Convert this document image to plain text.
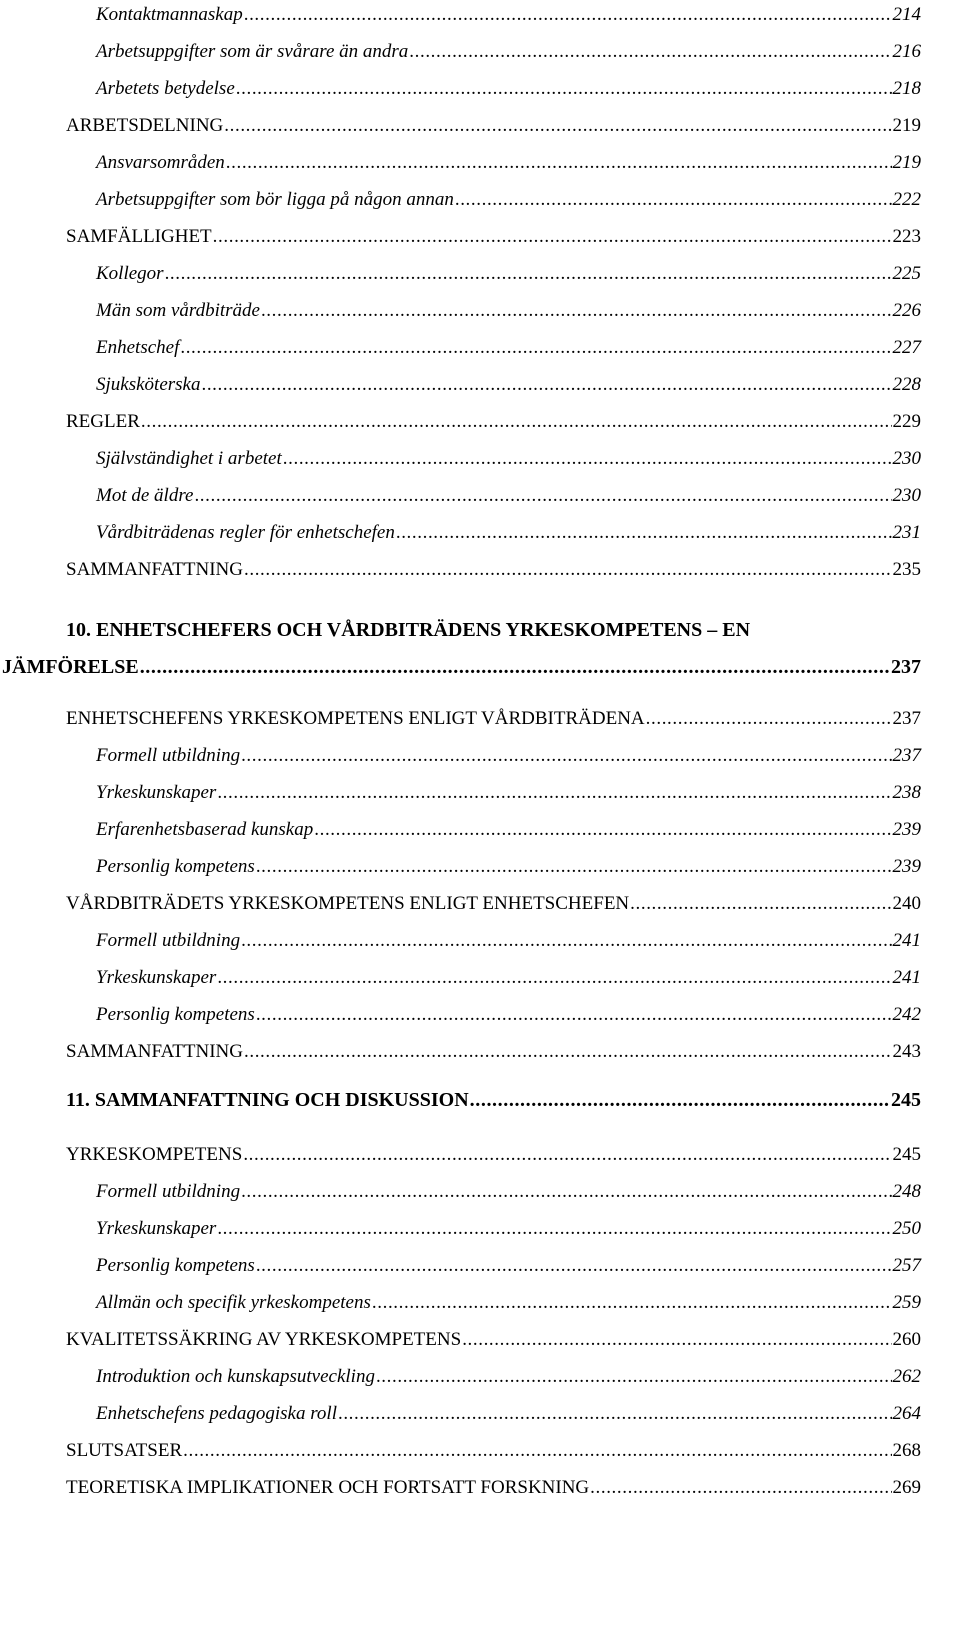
Kontaktmannaskap .....	214
Arbetsuppgifter som är svårare än andra .....	216
Arbetets betydelse .....	218
ARBETSDELNING .....	219
Ansvarsområden .....	219
Arbetsuppgifter som bör ligga på någon annan .....	222
SAMFÄLLIGHET .....	223
Kollegor .....	225
Män som vårdbiträde .....	226
Enhetschef .....	227
Sjuksköterska .....	228
REGLER .....	229
Självständighet i arbetet .....	230
Mot de äldre .....	230
Vårdbiträdenas regler för enhetschefen .....	231
SAMMANFATTNING .....	235
10. ENHETSCHEFERS OCH VÅRDBITRÄDENS YRKESKOMPETENS – EN
JÄMFÖRELSE .....	237
ENHETSCHEFENS YRKESKOMPETENS ENLIGT VÅRDBITRÄDENA .....	237
Formell utbildning .....	237
Yrkeskunskaper .....	238
Erfarenhetsbaserad kunskap .....	239
Personlig kompetens .....	239
VÅRDBITRÄDETS YRKESKOMPETENS ENLIGT ENHETSCHEFEN .....	240
Formell utbildning .....	241
Yrkeskunskaper .....	241
Personlig kompetens .....	242
SAMMANFATTNING .....	243
11. SAMMANFATTNING OCH DISKUSSION .....	245
YRKESKOMPETENS .....	245
Formell utbildning .....	248
Yrkeskunskaper .....	250
Personlig kompetens .....	257
Allmän och specifik yrkeskompetens .....	259
KVALITETSSÄKRING AV YRKESKOMPETENS .....	260
Introduktion och kunskapsutveckling .....	262
Enhetschefens pedagogiska roll .....	264
SLUTSATSER .....	268
TEORETISKA IMPLIKATIONER OCH FORTSATT FORSKNING .....	269
